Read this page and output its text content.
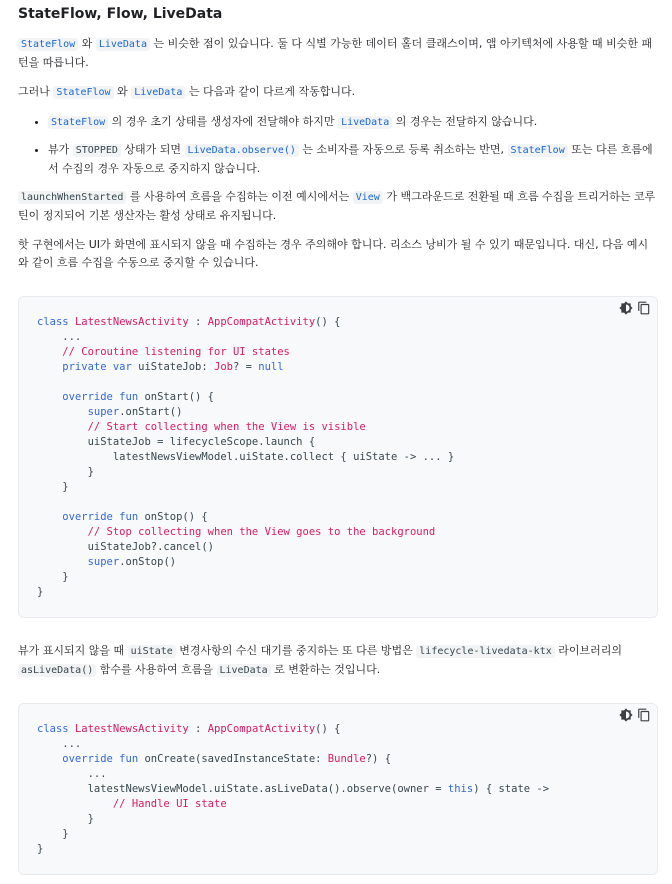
StateFlow, Flow, LiveData

StateFlow 와 LiveData 는 비슷한 점이 있습니다. 둘 다 식별 가능한 데이터 홀더 클래스이며, 앱 아키텍처에 사용할 때 비슷한 패턴을 따릅니다.

그러나 StateFlow 와 LiveData 는 다음과 같이 다르게 작동합니다.

• StateFlow 의 경우 초기 상태를 생성자에 전달해야 하지만 LiveData 의 경우는 전달하지 않습니다.
• 뷰가 STOPPED 상태가 되면 LiveData.observe() 는 소비자를 자동으로 등록 취소하는 반면, StateFlow 또는 다른 흐름에서 수집의 경우 자동으로 중지하지 않습니다.

launchWhenStarted 를 사용하여 흐름을 수집하는 이전 예시에서는 View 가 백그라운드로 전환될 때 흐름 수집을 트리거하는 코루틴이 정지되어 기본 생산자는 활성 상태로 유지됩니다.

핫 구현에서는 UI가 화면에 표시되지 않을 때 수집하는 경우 주의해야 합니다. 리소스 낭비가 될 수 있기 때문입니다. 대신, 다음 예시와 같이 흐름 수집을 수동으로 중지할 수 있습니다.

class LatestNewsActivity : AppCompatActivity() {
...
// Coroutine listening for UI states
private var uiStateJob: Job? = null

override fun onStart() {
super.onStart()
// Start collecting when the View is visible
uiStateJob = lifecycleScope.launch {
latestNewsViewModel.uiState.collect { uiState -> ... }
}
}

override fun onStop() {
// Stop collecting when the View goes to the background
uiStateJob?.cancel()
super.onStop()
}
}

뷰가 표시되지 않을 때 uiState 변경사항의 수신 대기를 중지하는 또 다른 방법은 lifecycle-livedata-ktx 라이브러리의 asLiveData() 함수를 사용하여 흐름을 LiveData 로 변환하는 것입니다.

class LatestNewsActivity : AppCompatActivity() {
...
override fun onCreate(savedInstanceState: Bundle?) {
...
latestNewsViewModel.uiState.asLiveData().observe(owner = this) { state ->
// Handle UI state
}
}
}
